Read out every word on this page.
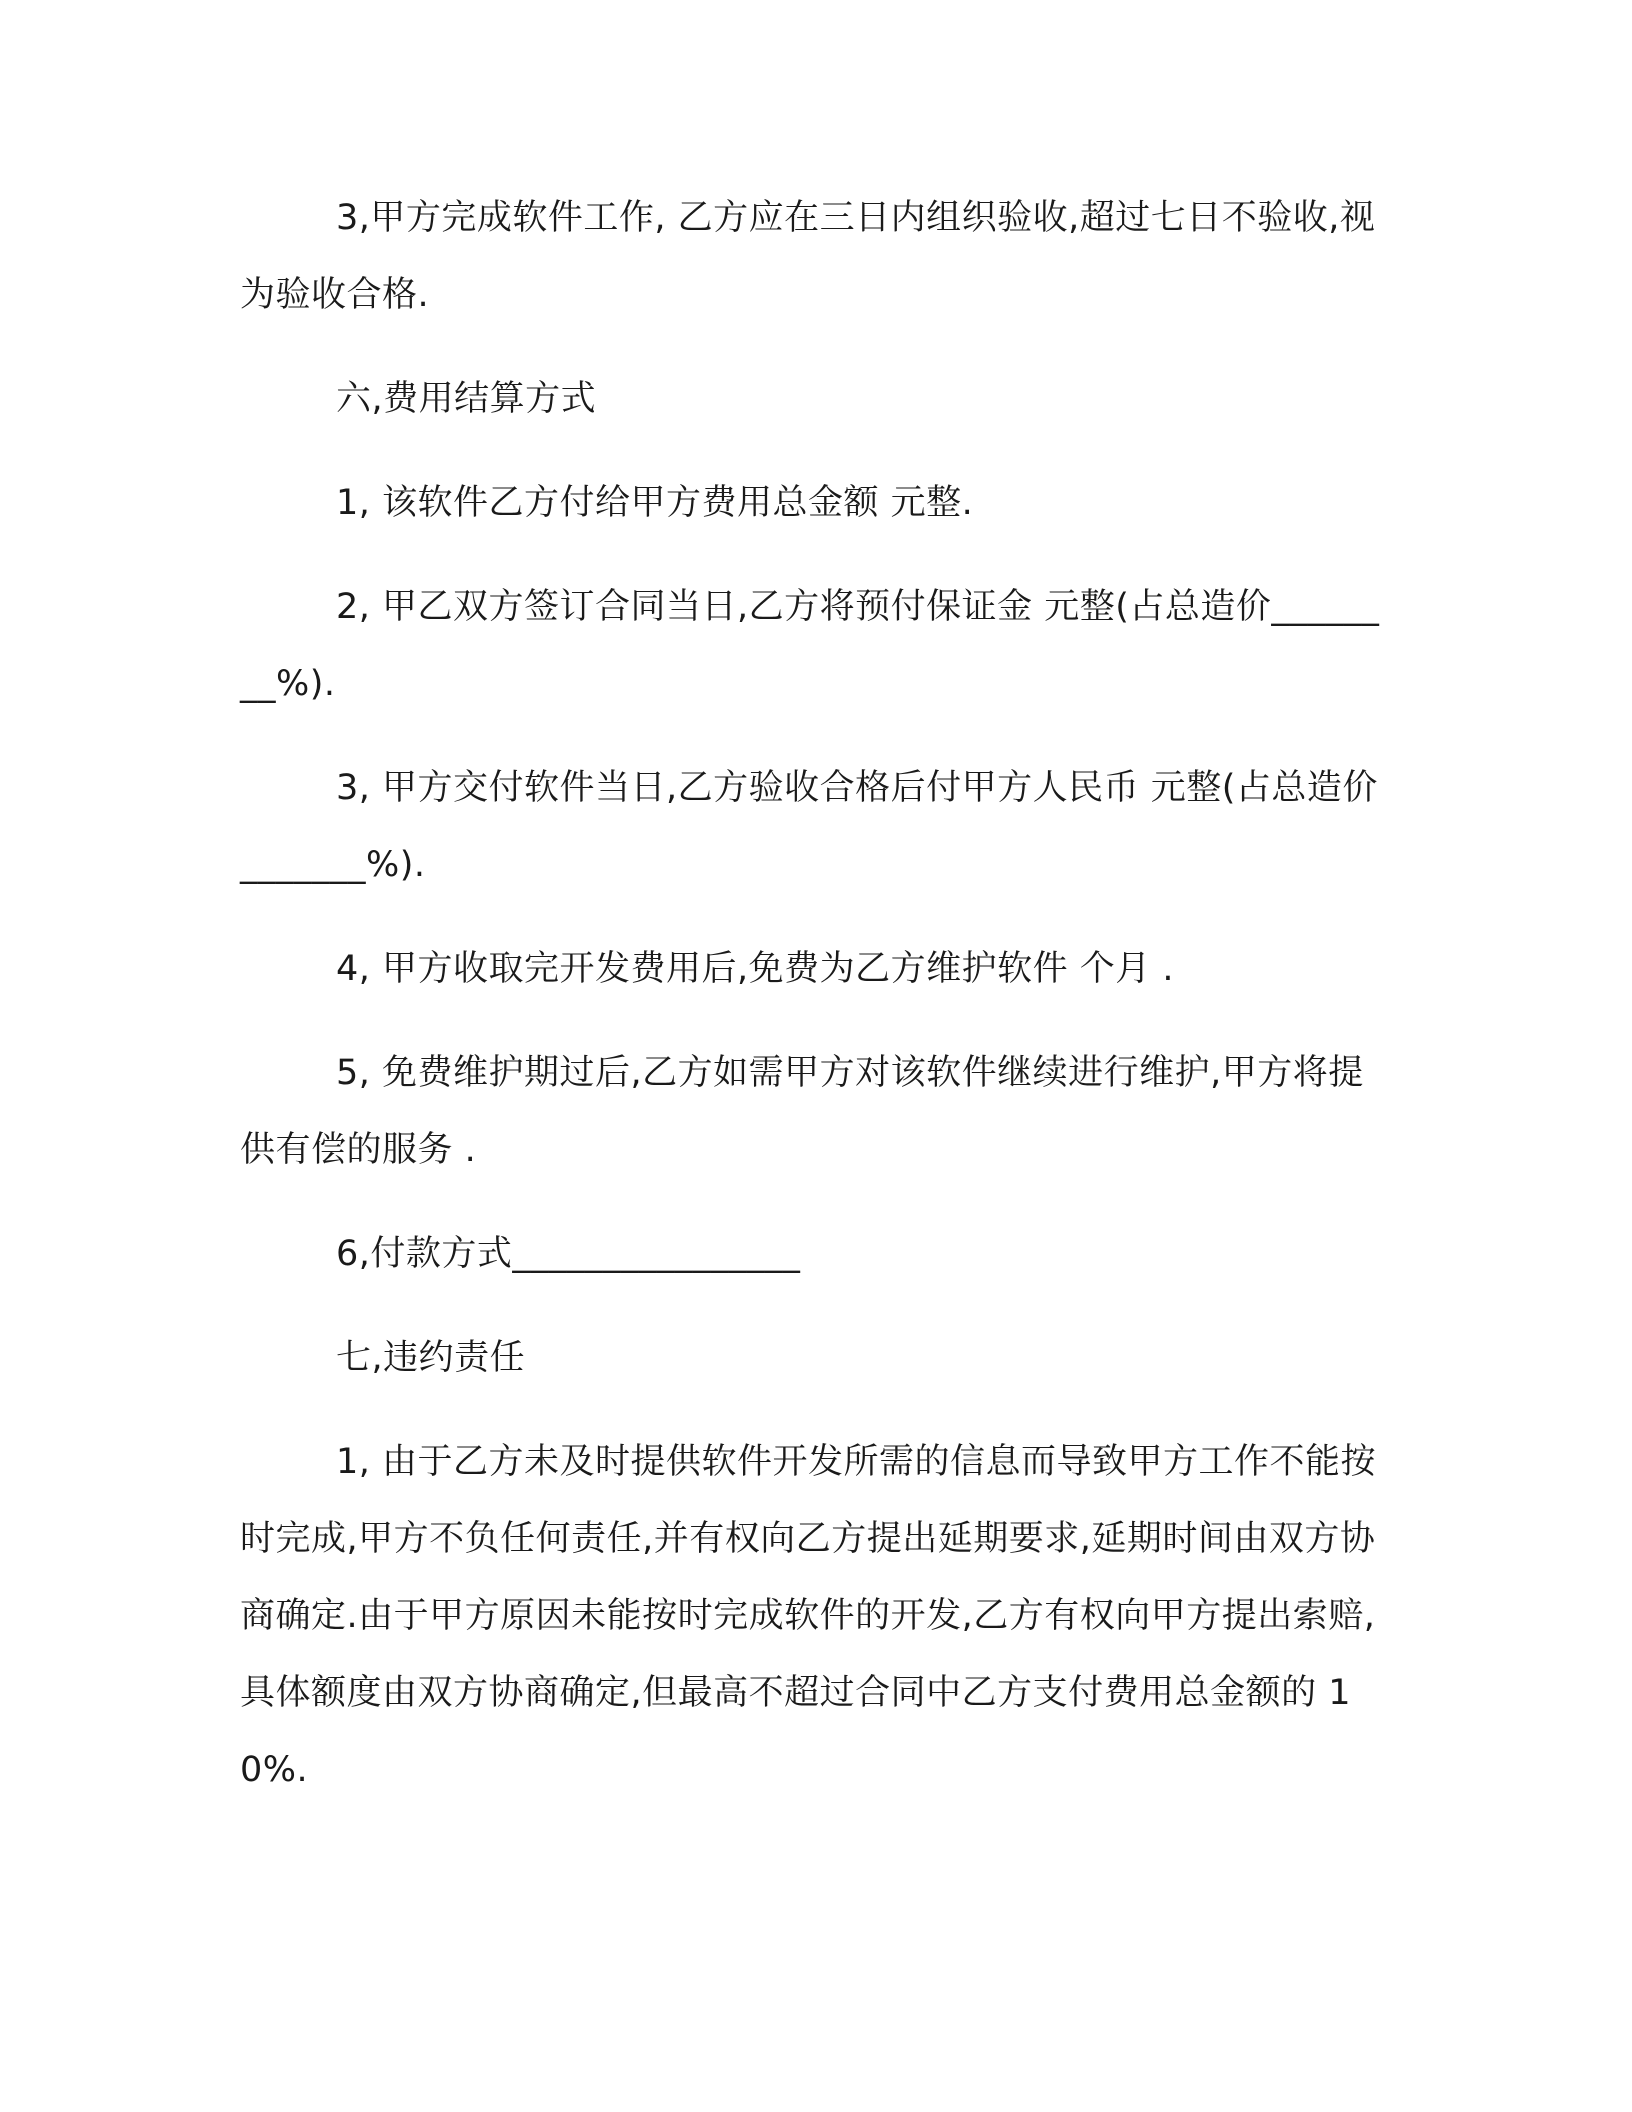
3,甲方完成软件工作, 乙方应在三日内组织验收,超过七日不验收,视为验收合格.

六,费用结算方式

1, 该软件乙方付给甲方费用总金额 元整.

2, 甲乙双方签订合同当日,乙方将预付保证金 元整(占总造价________%).

3, 甲方交付软件当日,乙方验收合格后付甲方人民币 元整(占总造价_______%).

4, 甲方收取完开发费用后,免费为乙方维护软件 个月 .

5, 免费维护期过后,乙方如需甲方对该软件继续进行维护,甲方将提供有偿的服务 .

6,付款方式________________

七,违约责任

1, 由于乙方未及时提供软件开发所需的信息而导致甲方工作不能按时完成,甲方不负任何责任,并有权向乙方提出延期要求,延期时间由双方协商确定.由于甲方原因未能按时完成软件的开发,乙方有权向甲方提出索赔,具体额度由双方协商确定,但最高不超过合同中乙方支付费用总金额的 10%.
